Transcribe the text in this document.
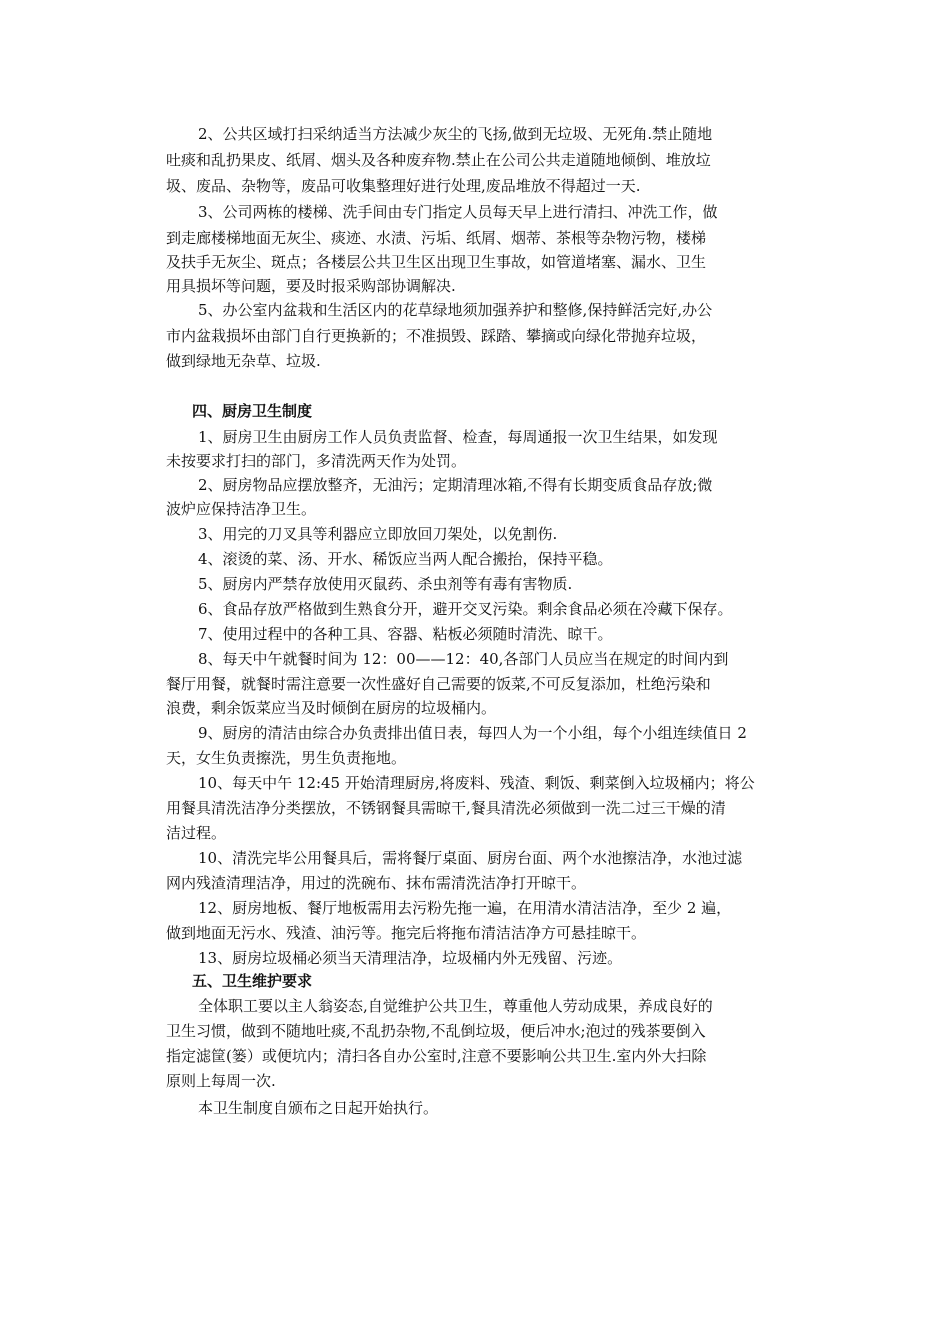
2、公共区域打扫采纳适当方法减少灰尘的飞扬,做到无垃圾、无死角.禁止随地
吐痰和乱扔果皮、纸屑、烟头及各种废弃物.禁止在公司公共走道随地倾倒、堆放垃
圾、废品、杂物等，废品可收集整理好进行处理,废品堆放不得超过一天.
3、公司两栋的楼梯、洗手间由专门指定人员每天早上进行清扫、冲洗工作，做
到走廊楼梯地面无灰尘、痰迹、水渍、污垢、纸屑、烟蒂、茶根等杂物污物，楼梯
及扶手无灰尘、斑点；各楼层公共卫生区出现卫生事故，如管道堵塞、漏水、卫生
用具损坏等问题，要及时报采购部协调解决.
5、办公室内盆栽和生活区内的花草绿地须加强养护和整修,保持鲜活完好,办公
市内盆栽损坏由部门自行更换新的；不准损毁、踩踏、攀摘或向绿化带抛弃垃圾，
做到绿地无杂草、垃圾.
四、厨房卫生制度
1、厨房卫生由厨房工作人员负责监督、检查，每周通报一次卫生结果，如发现
未按要求打扫的部门，多清洗两天作为处罚。
2、厨房物品应摆放整齐，无油污；定期清理冰箱,不得有长期变质食品存放;微
波炉应保持洁净卫生。
3、用完的刀叉具等利器应立即放回刀架处，以免割伤.
4、滚烫的菜、汤、开水、稀饭应当两人配合搬抬，保持平稳。
5、厨房内严禁存放使用灭鼠药、杀虫剂等有毒有害物质.
6、食品存放严格做到生熟食分开，避开交叉污染。剩余食品必须在冷藏下保存。
7、使用过程中的各种工具、容器、粘板必须随时清洗、晾干。
8、每天中午就餐时间为 12：00——12：40,各部门人员应当在规定的时间内到
餐厅用餐，就餐时需注意要一次性盛好自己需要的饭菜,不可反复添加，杜绝污染和
浪费，剩余饭菜应当及时倾倒在厨房的垃圾桶内。
9、厨房的清洁由综合办负责排出值日表，每四人为一个小组，每个小组连续值日 2
天，女生负责擦洗，男生负责拖地。
10、每天中午 12:45 开始清理厨房,将废料、残渣、剩饭、剩菜倒入垃圾桶内；将公
用餐具清洗洁净分类摆放，不锈钢餐具需晾干,餐具清洗必须做到一洗二过三干燥的清
洁过程。
10、清洗完毕公用餐具后，需将餐厅桌面、厨房台面、两个水池擦洁净，水池过滤
网内残渣清理洁净，用过的洗碗布、抹布需清洗洁净打开晾干。
12、厨房地板、餐厅地板需用去污粉先拖一遍，在用清水清洁洁净，至少 2 遍，
做到地面无污水、残渣、油污等。拖完后将拖布清洁洁净方可悬挂晾干。
13、厨房垃圾桶必须当天清理洁净，垃圾桶内外无残留、污迹。
五、卫生维护要求
全体职工要以主人翁姿态,自觉维护公共卫生，尊重他人劳动成果，养成良好的
卫生习惯，做到不随地吐痰,不乱扔杂物,不乱倒垃圾，便后冲水;泡过的残茶要倒入
指定滤筐(篓）或便坑内；清扫各自办公室时,注意不要影响公共卫生.室内外大扫除
原则上每周一次.
本卫生制度自颁布之日起开始执行。
